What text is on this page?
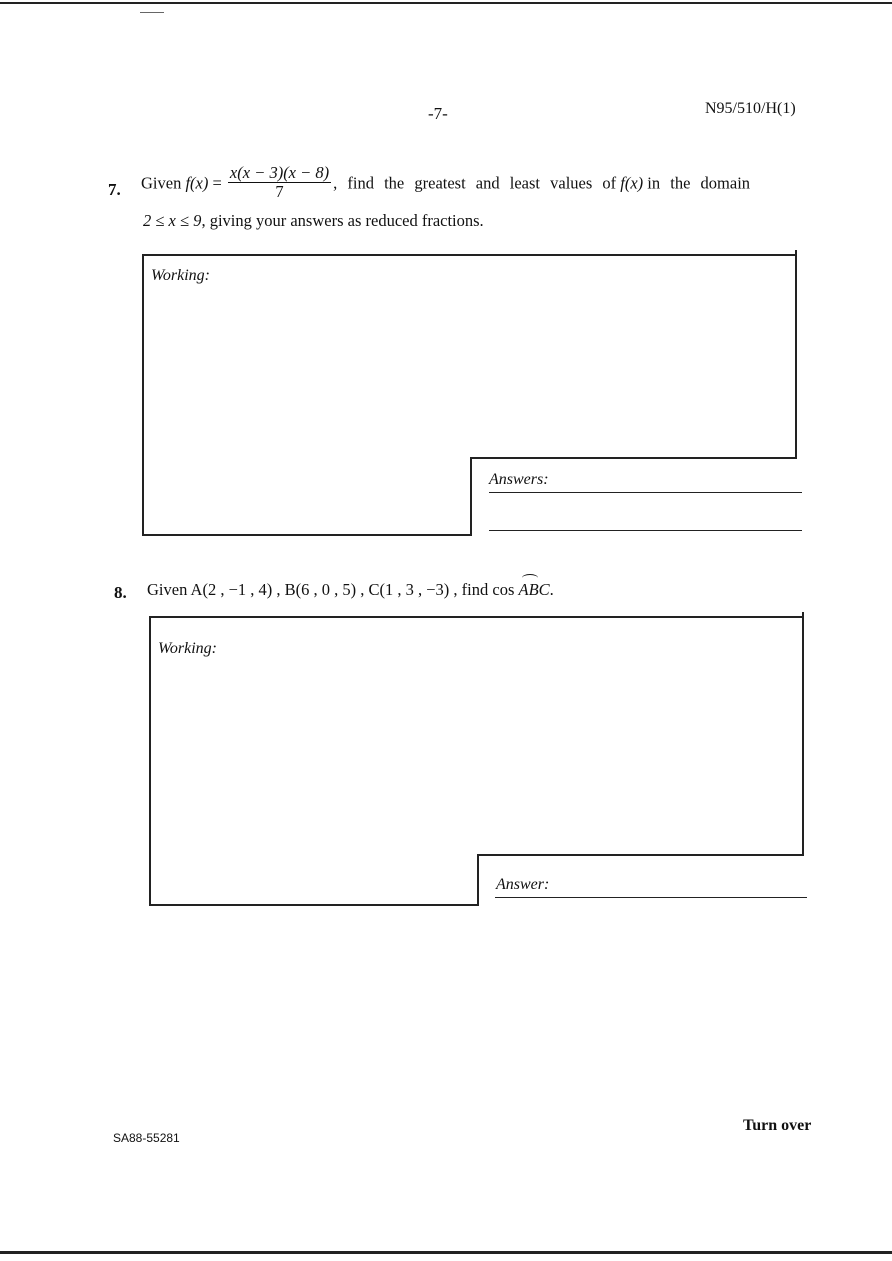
-7-	N95/510/H(1)
7. Given $f(x) = \frac{x(x - 3)(x - 8)}{7}$ , find the greatest and least values of f(x) in the domain
2 ≤ x ≤ 9, giving your answers as reduced fractions.
Working:
Answers:
8. Given A(2 , −1 , 4) , B(6 , 0 , 5) , C(1 , 3 , −3) , find cos ABC.
Working:
Answer:
SA88-55281
Turn over
